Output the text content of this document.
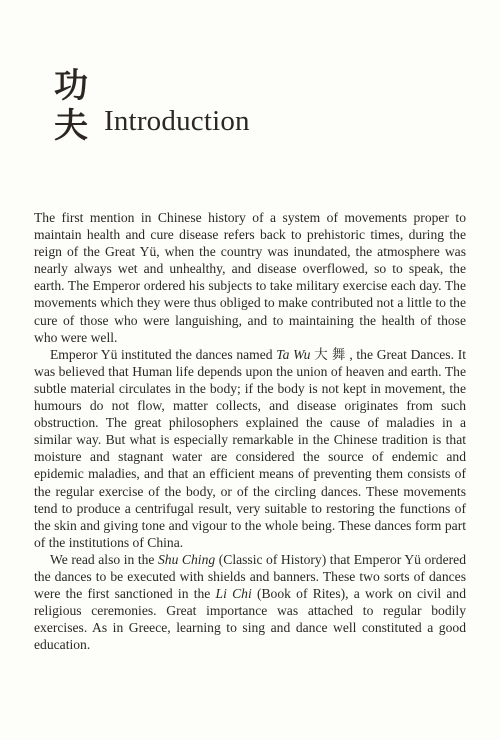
功
夫 Introduction

The first mention in Chinese history of a system of movements proper to maintain health and cure disease refers back to prehistoric times, during the reign of the Great Yü, when the country was inundated, the atmosphere was nearly always wet and unhealthy, and disease overflowed, so to speak, the earth. The Emperor ordered his subjects to take military exercise each day. The movements which they were thus obliged to make contributed not a little to the cure of those who were languishing, and to maintaining the health of those who were well.

Emperor Yü instituted the dances named Ta Wu 大 舞 , the Great Dances. It was believed that Human life depends upon the union of heaven and earth. The subtle material circulates in the body; if the body is not kept in movement, the humours do not flow, matter collects, and disease originates from such obstruction. The great philosophers explained the cause of maladies in a similar way. But what is especially remarkable in the Chinese tradition is that moisture and stagnant water are considered the source of endemic and epidemic maladies, and that an efficient means of preventing them consists of the regular exercise of the body, or of the circling dances. These movements tend to produce a centrifugal result, very suitable to restoring the functions of the skin and giving tone and vigour to the whole being. These dances form part of the institutions of China.

We read also in the Shu Ching (Classic of History) that Emperor Yü ordered the dances to be executed with shields and banners. These two sorts of dances were the first sanctioned in the Li Chi (Book of Rites), a work on civil and religious ceremonies. Great importance was attached to regular bodily exercises. As in Greece, learning to sing and dance well constituted a good education.
